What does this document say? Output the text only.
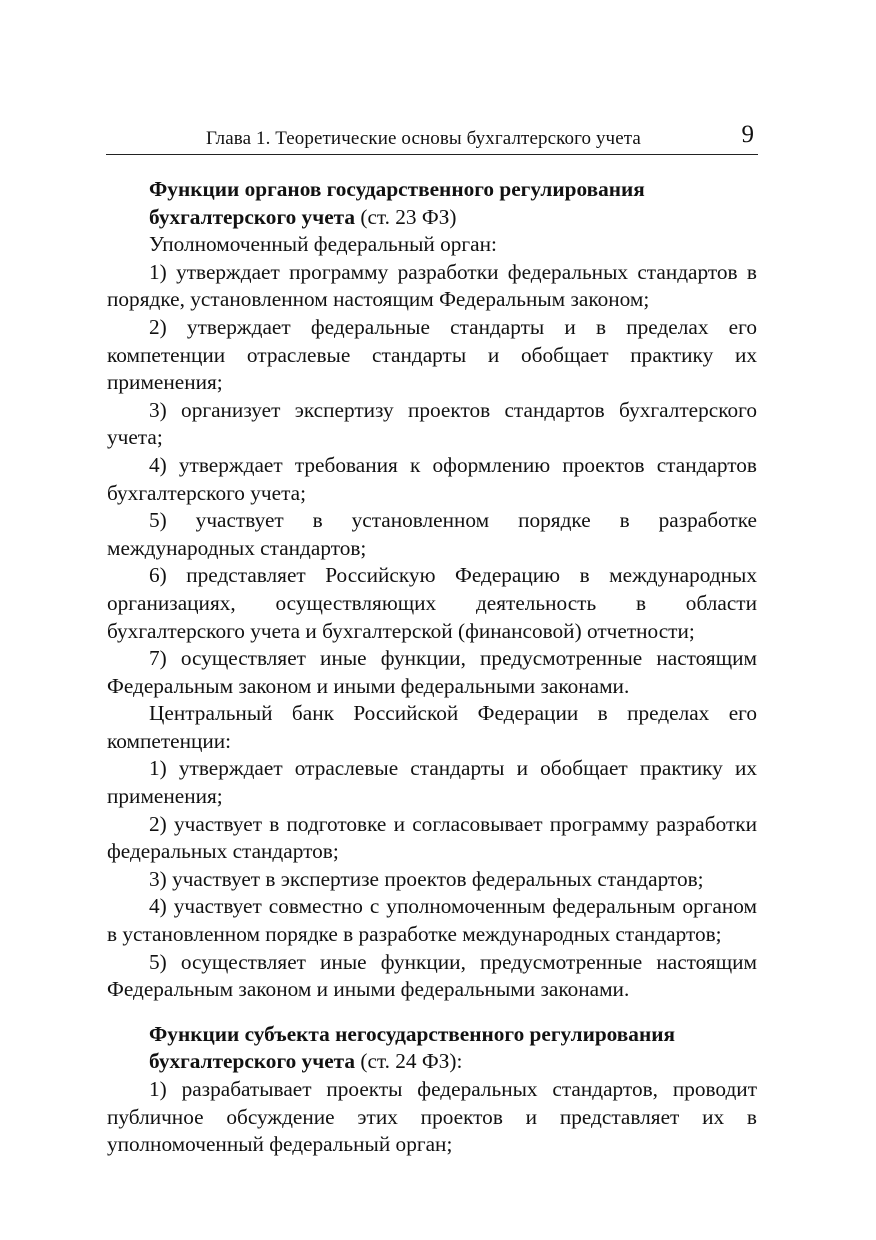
Глава 1. Теоретические основы бухгалтерского учета	9
Функции органов государственного регулирования
бухгалтерского учета (ст. 23 ФЗ)

Уполномоченный федеральный орган:

1) утверждает программу разработки федеральных стандартов в порядке, установленном настоящим Федеральным законом;

2) утверждает федеральные стандарты и в пределах его компетенции отраслевые стандарты и обобщает практику их применения;

3) организует экспертизу проектов стандартов бухгалтерского учета;

4) утверждает требования к оформлению проектов стандартов бухгалтерского учета;

5) участвует в установленном порядке в разработке международных стандартов;

6) представляет Российскую Федерацию в международных организациях, осуществляющих деятельность в области бухгалтерского учета и бухгалтерской (финансовой) отчетности;

7) осуществляет иные функции, предусмотренные настоящим Федеральным законом и иными федеральными законами.

Центральный банк Российской Федерации в пределах его компетенции:

1) утверждает отраслевые стандарты и обобщает практику их применения;

2) участвует в подготовке и согласовывает программу разработки федеральных стандартов;

3) участвует в экспертизе проектов федеральных стандартов;

4) участвует совместно с уполномоченным федеральным органом в установленном порядке в разработке международных стандартов;

5) осуществляет иные функции, предусмотренные настоящим Федеральным законом и иными федеральными законами.

Функции субъекта негосударственного регулирования
бухгалтерского учета (ст. 24 ФЗ):

1) разрабатывает проекты федеральных стандартов, проводит публичное обсуждение этих проектов и представляет их в уполномоченный федеральный орган;
